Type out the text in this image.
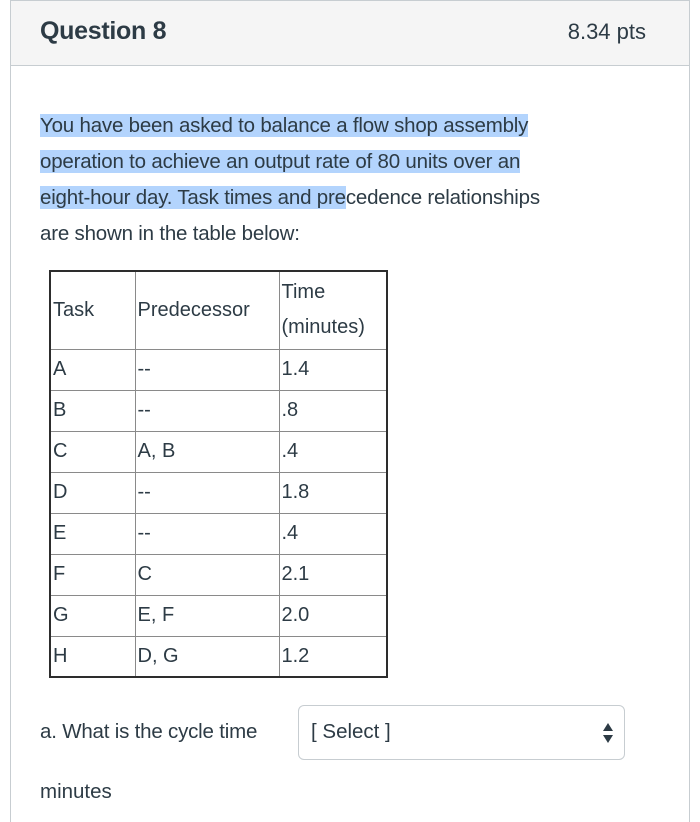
Question 8	8.34 pts

You have been asked to balance a flow shop assembly
operation to achieve an output rate of 80 units over an
eight-hour day. Task times and precedence relationships
are shown in the table below:

Task	Predecessor	Time
(minutes)
A	--	1.4
B	--	.8
C	A, B	.4
D	--	1.8
E	--	.4
F	C	2.1
G	E, F	2.0
H	D, G	1.2
a. What is the cycle time	[ Select ]
minutes
